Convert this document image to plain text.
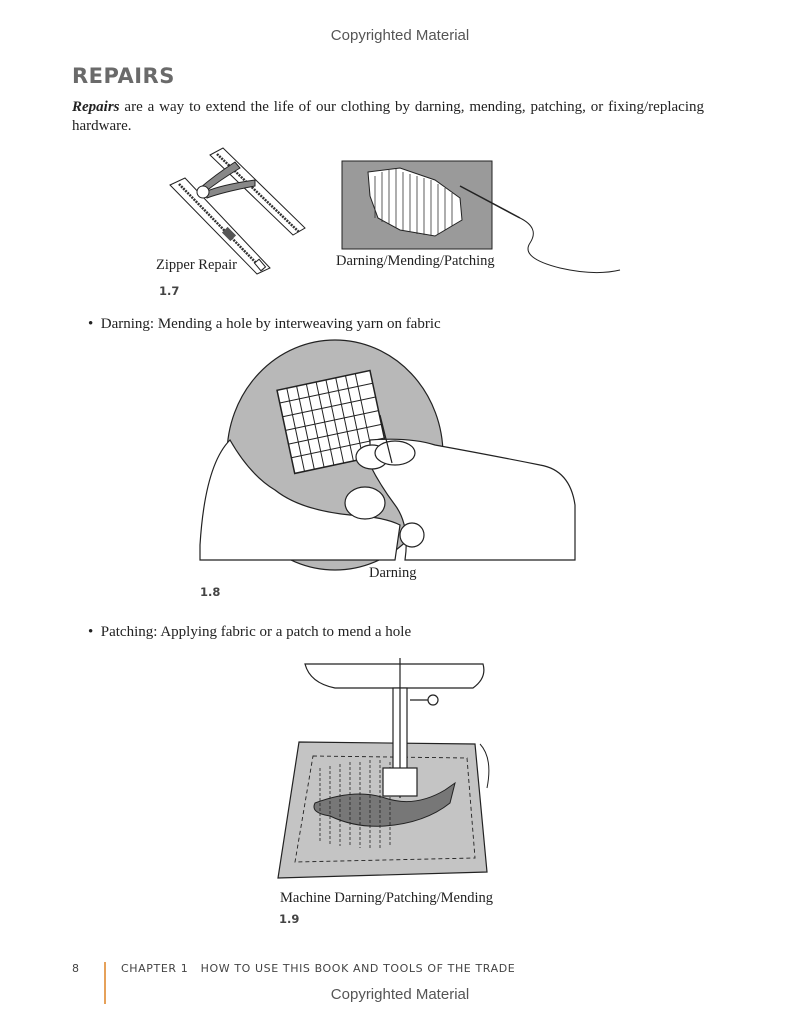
Copyrighted Material
REPAIRS
Repairs are a way to extend the life of our clothing by darning, mending, patching, or fixing/replacing hardware.
Zipper Repair	Darning/Mending/Patching
1.7
• Darning: Mending a hole by interweaving yarn on fabric
Darning
1.8
• Patching: Applying fabric or a patch to mend a hole
Machine Darning/Patching/Mending
1.9
8	CHAPTER 1 HOW TO USE THIS BOOK AND TOOLS OF THE TRADE
Copyrighted Material
